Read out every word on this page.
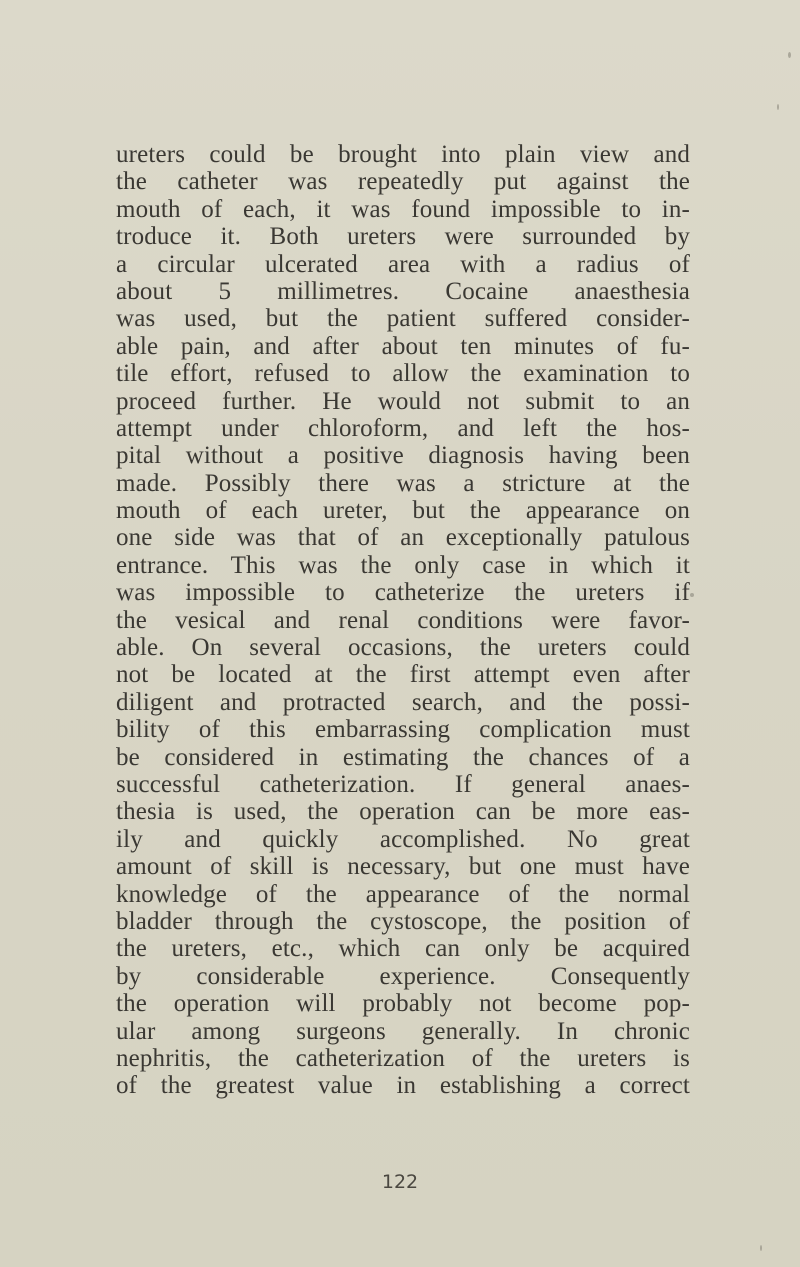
ureters could be brought into plain view and
the catheter was repeatedly put against the
mouth of each, it was found impossible to in-
troduce it. Both ureters were surrounded by
a circular ulcerated area with a radius of
about 5 millimetres. Cocaine anaesthesia
was used, but the patient suffered consider-
able pain, and after about ten minutes of fu-
tile effort, refused to allow the examination to
proceed further. He would not submit to an
attempt under chloroform, and left the hos-
pital without a positive diagnosis having been
made. Possibly there was a stricture at the
mouth of each ureter, but the appearance on
one side was that of an exceptionally patulous
entrance. This was the only case in which it
was impossible to catheterize the ureters if
the vesical and renal conditions were favor-
able. On several occasions, the ureters could
not be located at the first attempt even after
diligent and protracted search, and the possi-
bility of this embarrassing complication must
be considered in estimating the chances of a
successful catheterization. If general anaes-
thesia is used, the operation can be more eas-
ily and quickly accomplished. No great
amount of skill is necessary, but one must have
knowledge of the appearance of the normal
bladder through the cystoscope, the position of
the ureters, etc., which can only be acquired
by considerable experience. Consequently
the operation will probably not become pop-
ular among surgeons generally. In chronic
nephritis, the catheterization of the ureters is
of the greatest value in establishing a correct
122
